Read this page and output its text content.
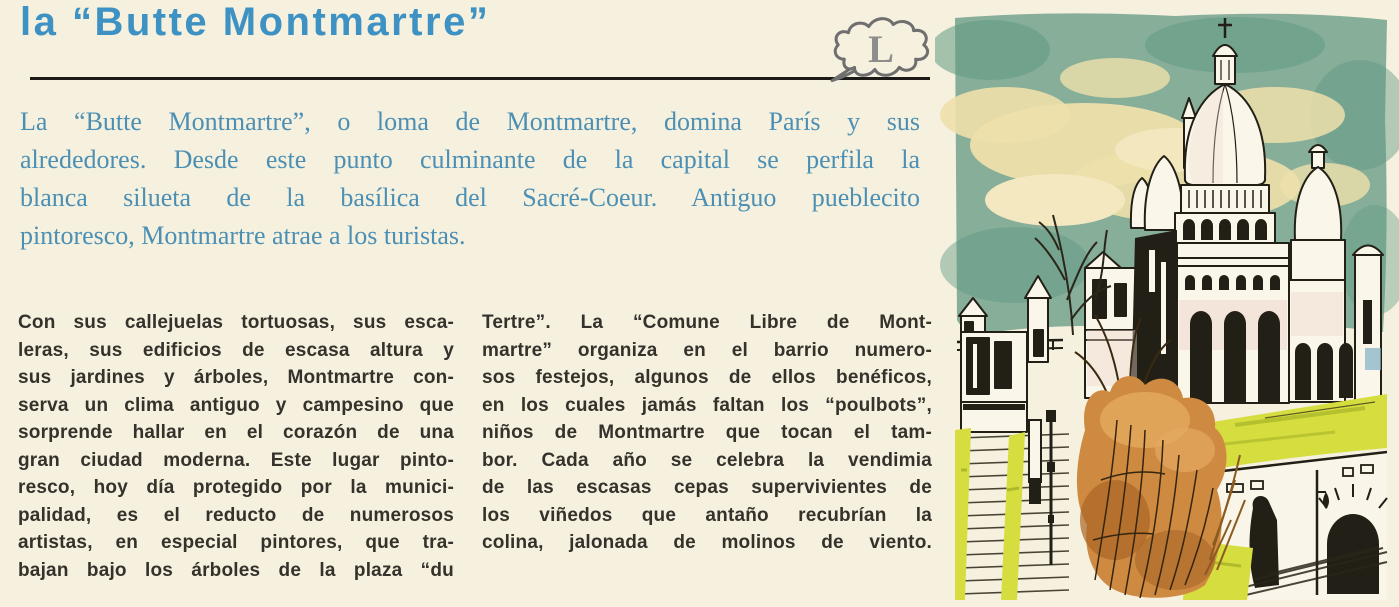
la “Butte Montmartre”
L
La “Butte Montmartre”, o loma de Montmartre, domina París y sus
alrededores. Desde este punto culminante de la capital se perfila la
blanca silueta de la basílica del Sacré-Coeur. Antiguo pueblecito
pintoresco, Montmartre atrae a los turistas.
Con sus callejuelas tortuosas, sus esca-
leras, sus edificios de escasa altura y
sus jardines y árboles, Montmartre con-
serva un clima antiguo y campesino que
sorprende hallar en el corazón de una
gran ciudad moderna. Este lugar pinto-
resco, hoy día protegido por la munici-
palidad, es el reducto de numerosos
artistas, en especial pintores, que tra-
bajan bajo los árboles de la plaza “du
Tertre”. La “Comune Libre de Mont-
martre” organiza en el barrio numero-
sos festejos, algunos de ellos benéficos,
en los cuales jamás faltan los “poulbots”,
niños de Montmartre que tocan el tam-
bor. Cada año se celebra la vendimia
de las escasas cepas supervivientes de
los viñedos que antaño recubrían la
colina, jalonada de molinos de viento.
